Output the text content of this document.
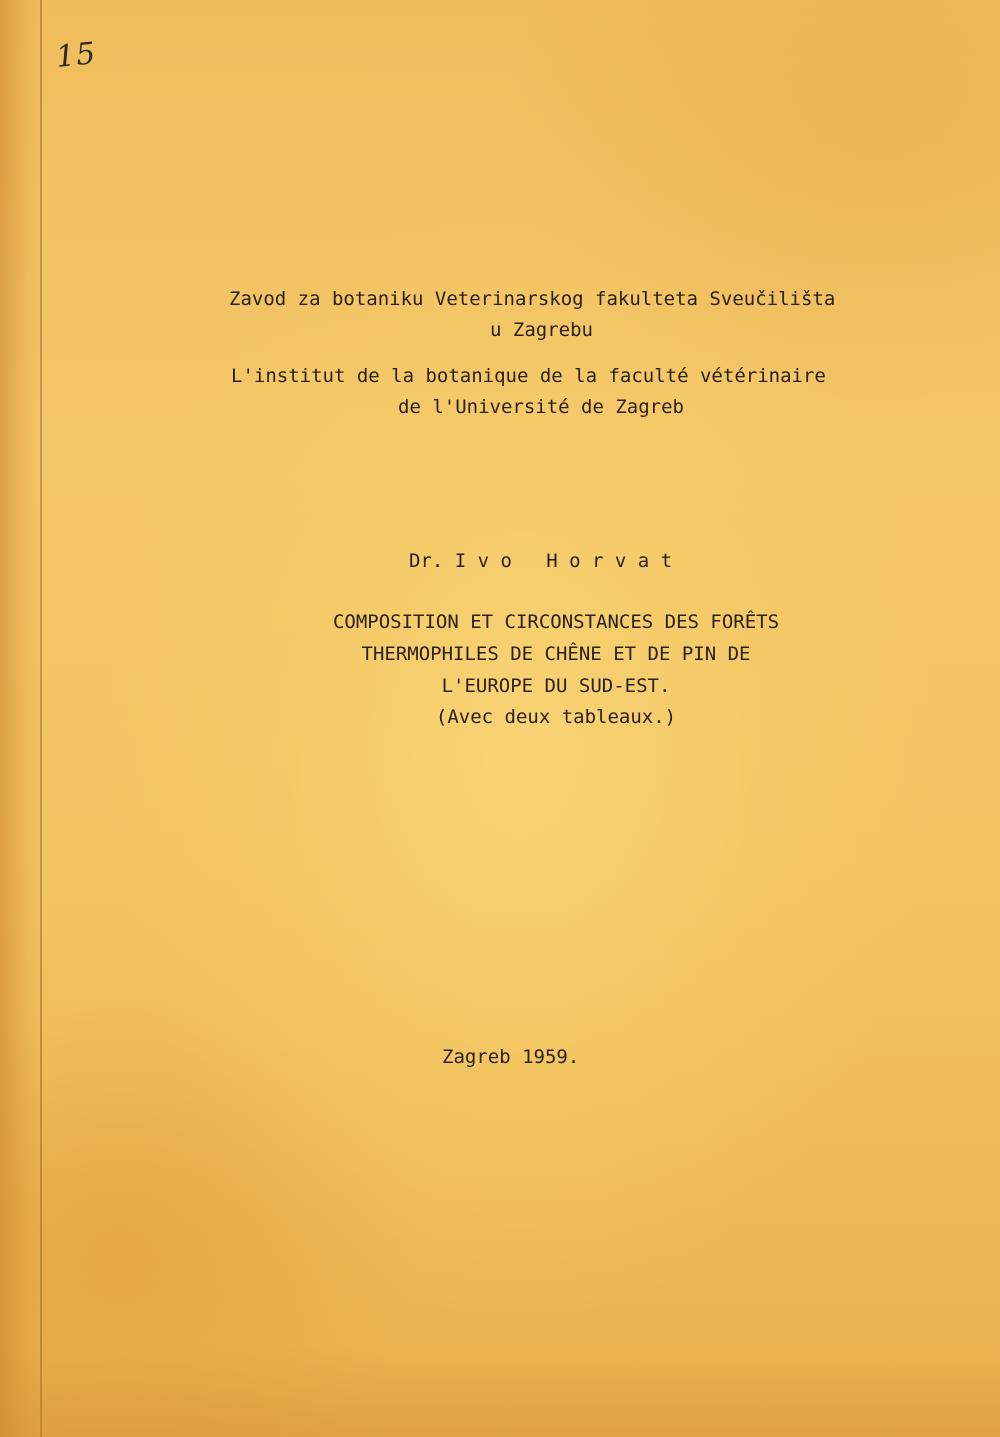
15
Zavod za botaniku Veterinarskog fakulteta Sveučilišta
u Zagrebu
L'institut de la botanique de la faculté vétérinaire
de l'Université de Zagreb
Dr. I v o   H o r v a t
COMPOSITION ET CIRCONSTANCES DES FORÊTS
THERMOPHILES DE CHÊNE ET DE PIN DE
L'EUROPE DU SUD-EST.
(Avec deux tableaux.)
Zagreb 1959.
